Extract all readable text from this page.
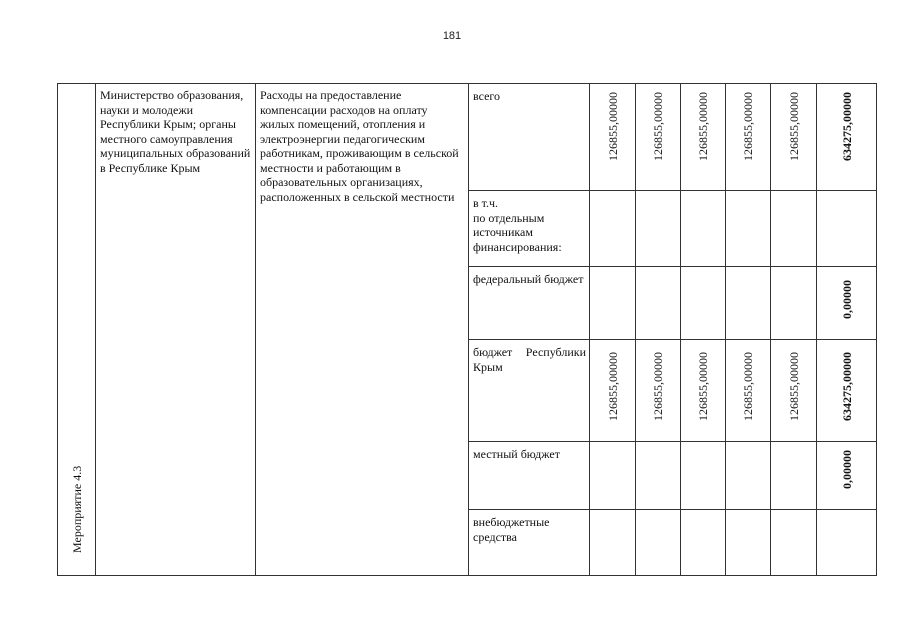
181
Мероприятие 4.3	Министерство образования, науки и молодежи Республики Крым; органы местного самоуправления муниципальных образований в Республике Крым	Расходы на предоставление компенсации расходов на оплату жилых помещений, отопления и электроэнергии педагогическим работникам, проживающим в сельской местности и работающим в образовательных организациях, расположенных в сельской местности	всего	126855,00000	126855,00000	126855,00000	126855,00000	126855,00000	634275,00000

			в т.ч.
по отдельным источникам финансирования:						

			федеральный бюджет						0,00000

			бюджет Республики Крым	126855,00000	126855,00000	126855,00000	126855,00000	126855,00000	634275,00000

			местный бюджет						0,00000

			внебюджетные средства						
